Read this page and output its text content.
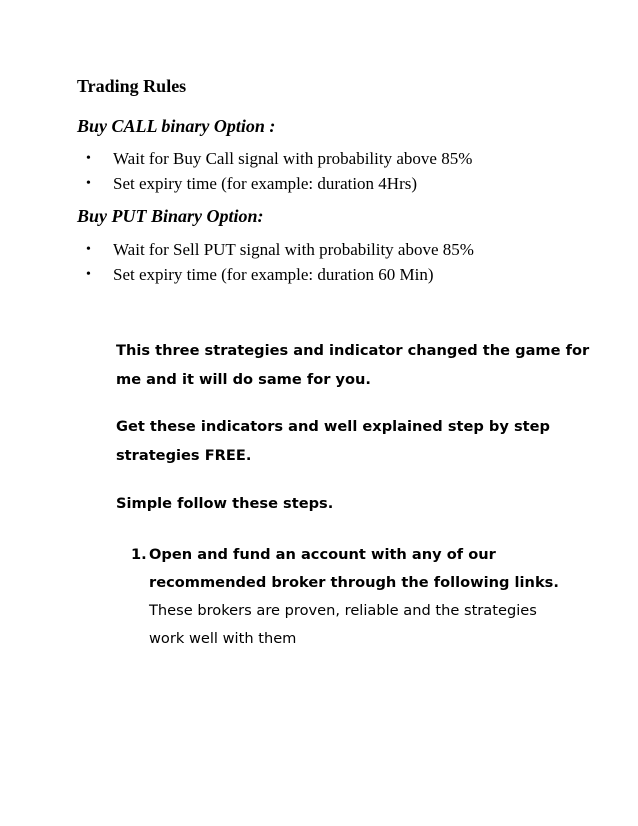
Trading Rules
Buy CALL binary Option :
• Wait for Buy Call signal with probability above 85%
• Set expiry time (for example: duration 4Hrs)
Buy PUT Binary Option:
• Wait for Sell PUT signal with probability above 85%
• Set expiry time (for example: duration 60 Min)
This three strategies and indicator changed the game for
me and it will do same for you.
Get these indicators and well explained step by step
strategies FREE.
Simple follow these steps.
1. Open and fund an account with any of our
recommended broker through the following links.
These brokers are proven, reliable and the strategies
work well with them
